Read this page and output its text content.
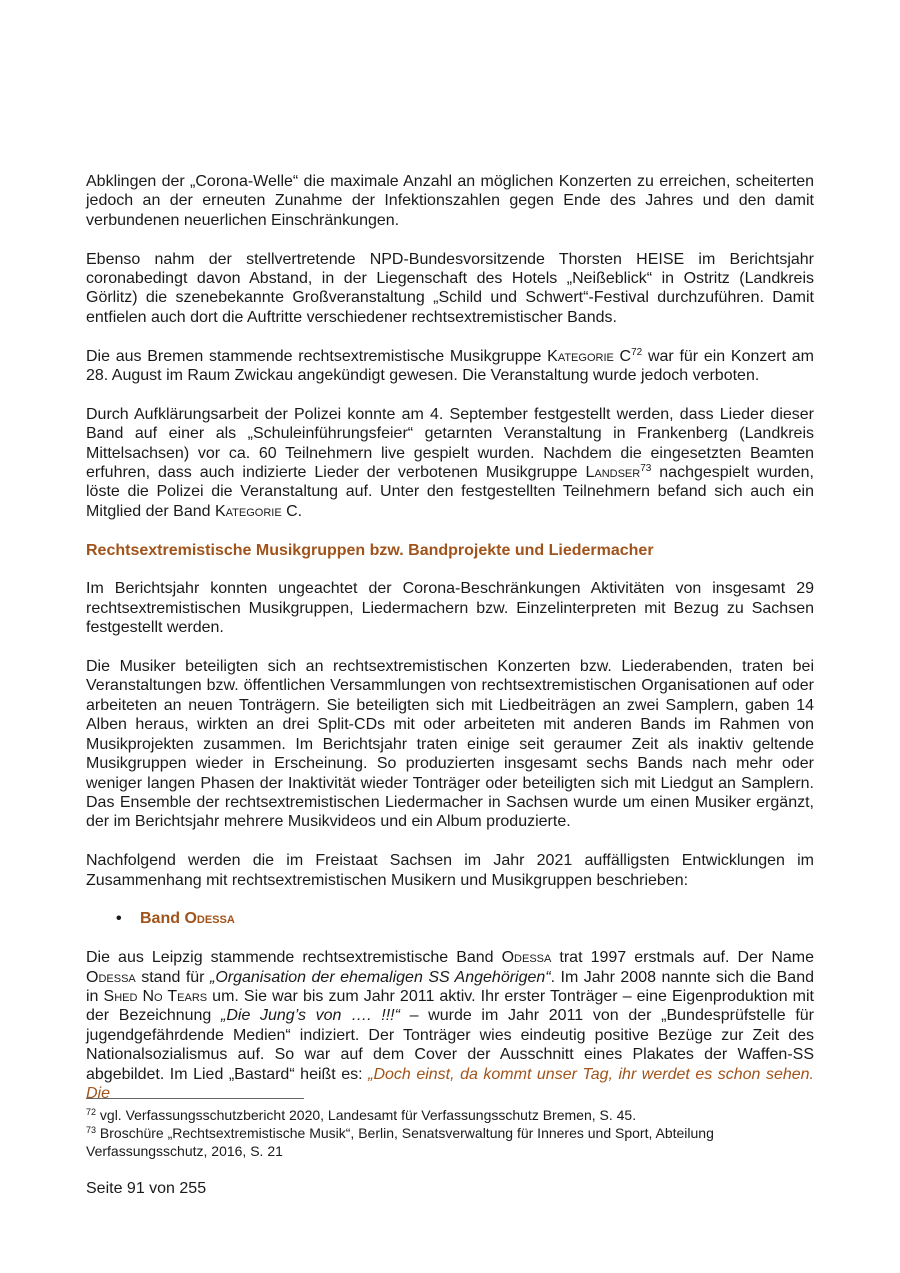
Abklingen der „Corona-Welle“ die maximale Anzahl an möglichen Konzerten zu erreichen, scheiterten jedoch an der erneuten Zunahme der Infektionszahlen gegen Ende des Jahres und den damit verbundenen neuerlichen Einschränkungen.

Ebenso nahm der stellvertretende NPD-Bundesvorsitzende Thorsten HEISE im Berichtsjahr coronabedingt davon Abstand, in der Liegenschaft des Hotels „Neißeblick“ in Ostritz (Landkreis Görlitz) die szenebekannte Großveranstaltung „Schild und Schwert“-Festival durchzuführen. Damit entfielen auch dort die Auftritte verschiedener rechtsextremistischer Bands.

Die aus Bremen stammende rechtsextremistische Musikgruppe Kategorie $C^{72}$ war für ein Konzert am 28. August im Raum Zwickau angekündigt gewesen. Die Veranstaltung wurde jedoch verboten.

Durch Aufklärungsarbeit der Polizei konnte am 4. September festgestellt werden, dass Lieder dieser Band auf einer als „Schuleinführungsfeier“ getarnten Veranstaltung in Frankenberg (Landkreis Mittelsachsen) vor ca. 60 Teilnehmern live gespielt wurden. Nachdem die eingesetzten Beamten erfuhren, dass auch indizierte Lieder der verbotenen Musikgruppe Landser$^{73}$ nachgespielt wurden, löste die Polizei die Veranstaltung auf. Unter den festgestellten Teilnehmern befand sich auch ein Mitglied der Band Kategorie C.

Rechtsextremistische Musikgruppen bzw. Bandprojekte und Liedermacher

Im Berichtsjahr konnten ungeachtet der Corona-Beschränkungen Aktivitäten von insgesamt 29 rechtsextremistischen Musikgruppen, Liedermachern bzw. Einzelinterpreten mit Bezug zu Sachsen festgestellt werden.

Die Musiker beteiligten sich an rechtsextremistischen Konzerten bzw. Liederabenden, traten bei Veranstaltungen bzw. öffentlichen Versammlungen von rechtsextremistischen Organisationen auf oder arbeiteten an neuen Tonträgern. Sie beteiligten sich mit Liedbeiträgen an zwei Samplern, gaben 14 Alben heraus, wirkten an drei Split-CDs mit oder arbeiteten mit anderen Bands im Rahmen von Musikprojekten zusammen. Im Berichtsjahr traten einige seit geraumer Zeit als inaktiv geltende Musikgruppen wieder in Erscheinung. So produzierten insgesamt sechs Bands nach mehr oder weniger langen Phasen der Inaktivität wieder Tonträger oder beteiligten sich mit Liedgut an Samplern. Das Ensemble der rechtsextremistischen Liedermacher in Sachsen wurde um einen Musiker ergänzt, der im Berichtsjahr mehrere Musikvideos und ein Album produzierte.

Nachfolgend werden die im Freistaat Sachsen im Jahr 2021 auffälligsten Entwicklungen im Zusammenhang mit rechtsextremistischen Musikern und Musikgruppen beschrieben:

•	Band Odessa

Die aus Leipzig stammende rechtsextremistische Band Odessa trat 1997 erstmals auf. Der Name Odessa stand für „Organisation der ehemaligen SS Angehörigen“. Im Jahr 2008 nannte sich die Band in Shed No Tears um. Sie war bis zum Jahr 2011 aktiv. Ihr erster Tonträger – eine Eigenproduktion mit der Bezeichnung „Die Jung’s von …. !!!“ – wurde im Jahr 2011 von der „Bundesprüfstelle für jugendgefährdende Medien“ indiziert. Der Tonträger wies eindeutig positive Bezüge zur Zeit des Nationalsozialismus auf. So war auf dem Cover der Ausschnitt eines Plakates der Waffen-SS abgebildet. Im Lied „Bastard“ heißt es: „Doch einst, da kommt unser Tag, ihr werdet es schon sehen. Die

$^{72}$ vgl. Verfassungsschutzbericht 2020, Landesamt für Verfassungsschutz Bremen, S. 45.

$^{73}$ Broschüre „Rechtsextremistische Musik“, Berlin, Senatsverwaltung für Inneres und Sport, Abteilung Verfassungsschutz, 2016, S. 21

Seite 91 von 255
